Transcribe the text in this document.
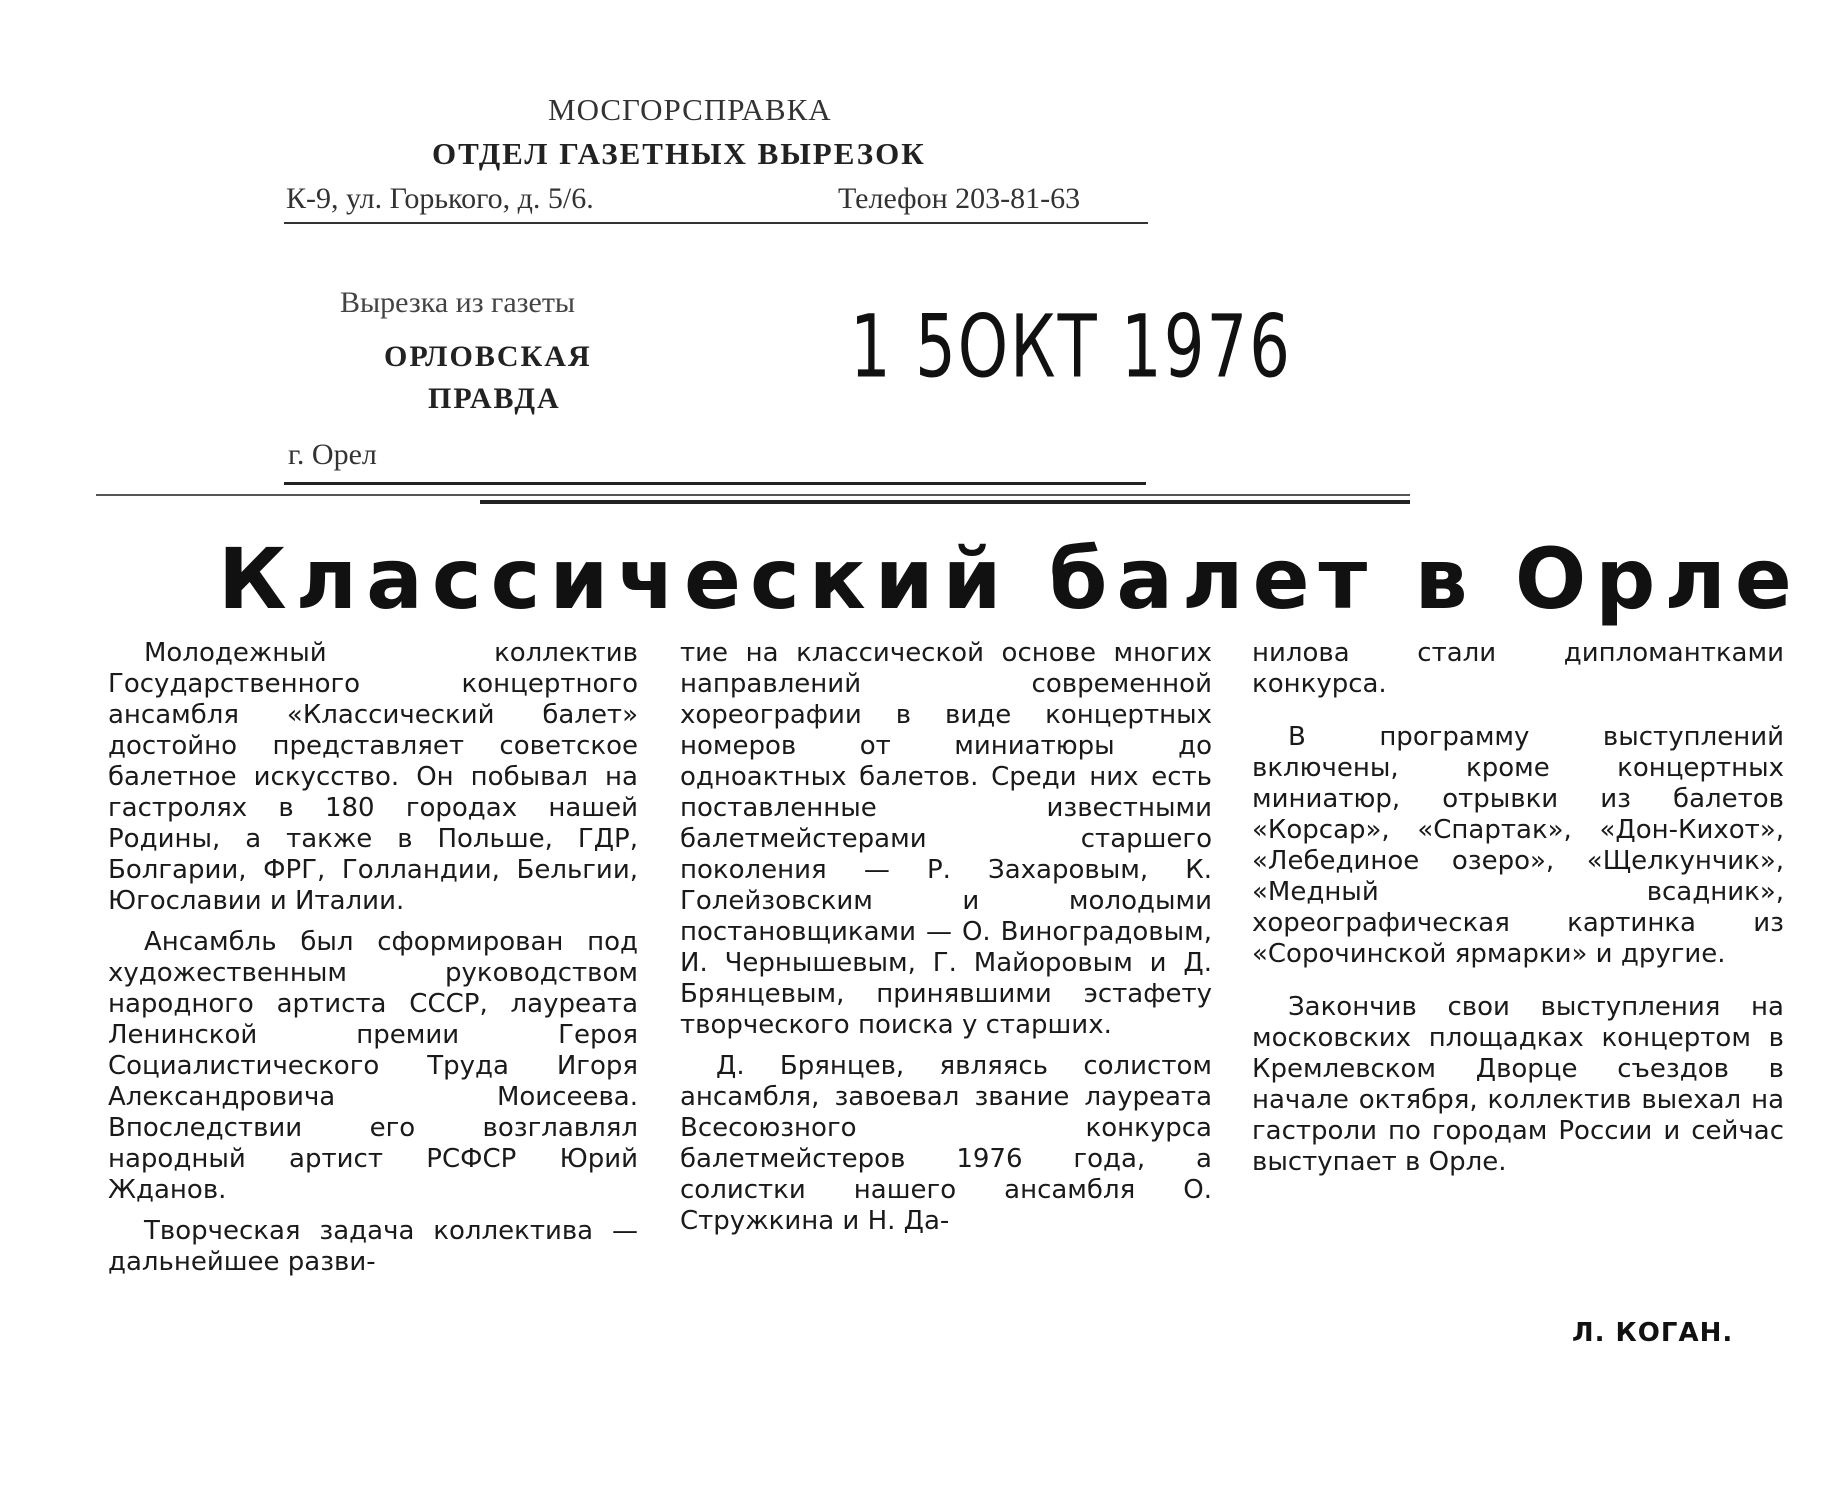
МОСГОРСПРАВКА
ОТДЕЛ ГАЗЕТНЫХ ВЫРЕЗОК
К-9, ул. Горького, д. 5/6.	Телефон 203-81-63
Вырезка из газеты
ОРЛОВСКАЯ
ПРАВДА
г. Орел
1 5ОКТ 1976
Классический балет в Орле

Молодежный коллектив Государственного концертного ансамбля «Классический балет» достойно представляет советское балетное искусство. Он побывал на гастролях в 180 городах нашей Родины, а также в Польше, ГДР, Болгарии, ФРГ, Голландии, Бельгии, Югославии и Италии.

Ансамбль был сформирован под художественным руководством народного артиста СССР, лауреата Ленинской премии Героя Социалистического Труда Игоря Александровича Моисеева. Впоследствии его возглавлял народный артист РСФСР Юрий Жданов.

Творческая задача коллектива — дальнейшее разви-

тие на классической основе многих направлений современной хореографии в виде концертных номеров от миниатюры до одноактных балетов. Среди них есть поставленные известными балетмейстерами старшего поколения — Р. Захаровым, К. Голейзовским и молодыми постановщиками — О. Виноградовым, И. Чернышевым, Г. Майоровым и Д. Брянцевым, принявшими эстафету творческого поиска у старших.

Д. Брянцев, являясь солистом ансамбля, завоевал звание лауреата Всесоюзного конкурса балетмейстеров 1976 года, а солистки нашего ансамбля О. Стружкина и Н. Да-

нилова стали дипломантками конкурса.

В программу выступлений включены, кроме концертных миниатюр, отрывки из балетов «Корсар», «Спартак», «Дон-Кихот», «Лебединое озеро», «Щелкунчик», «Медный всадник», хореографическая картинка из «Сорочинской ярмарки» и другие.

Закончив свои выступления на московских площадках концертом в Кремлевском Дворце съездов в начале октября, коллектив выехал на гастроли по городам России и сейчас выступает в Орле.

Л. КОГАН.
